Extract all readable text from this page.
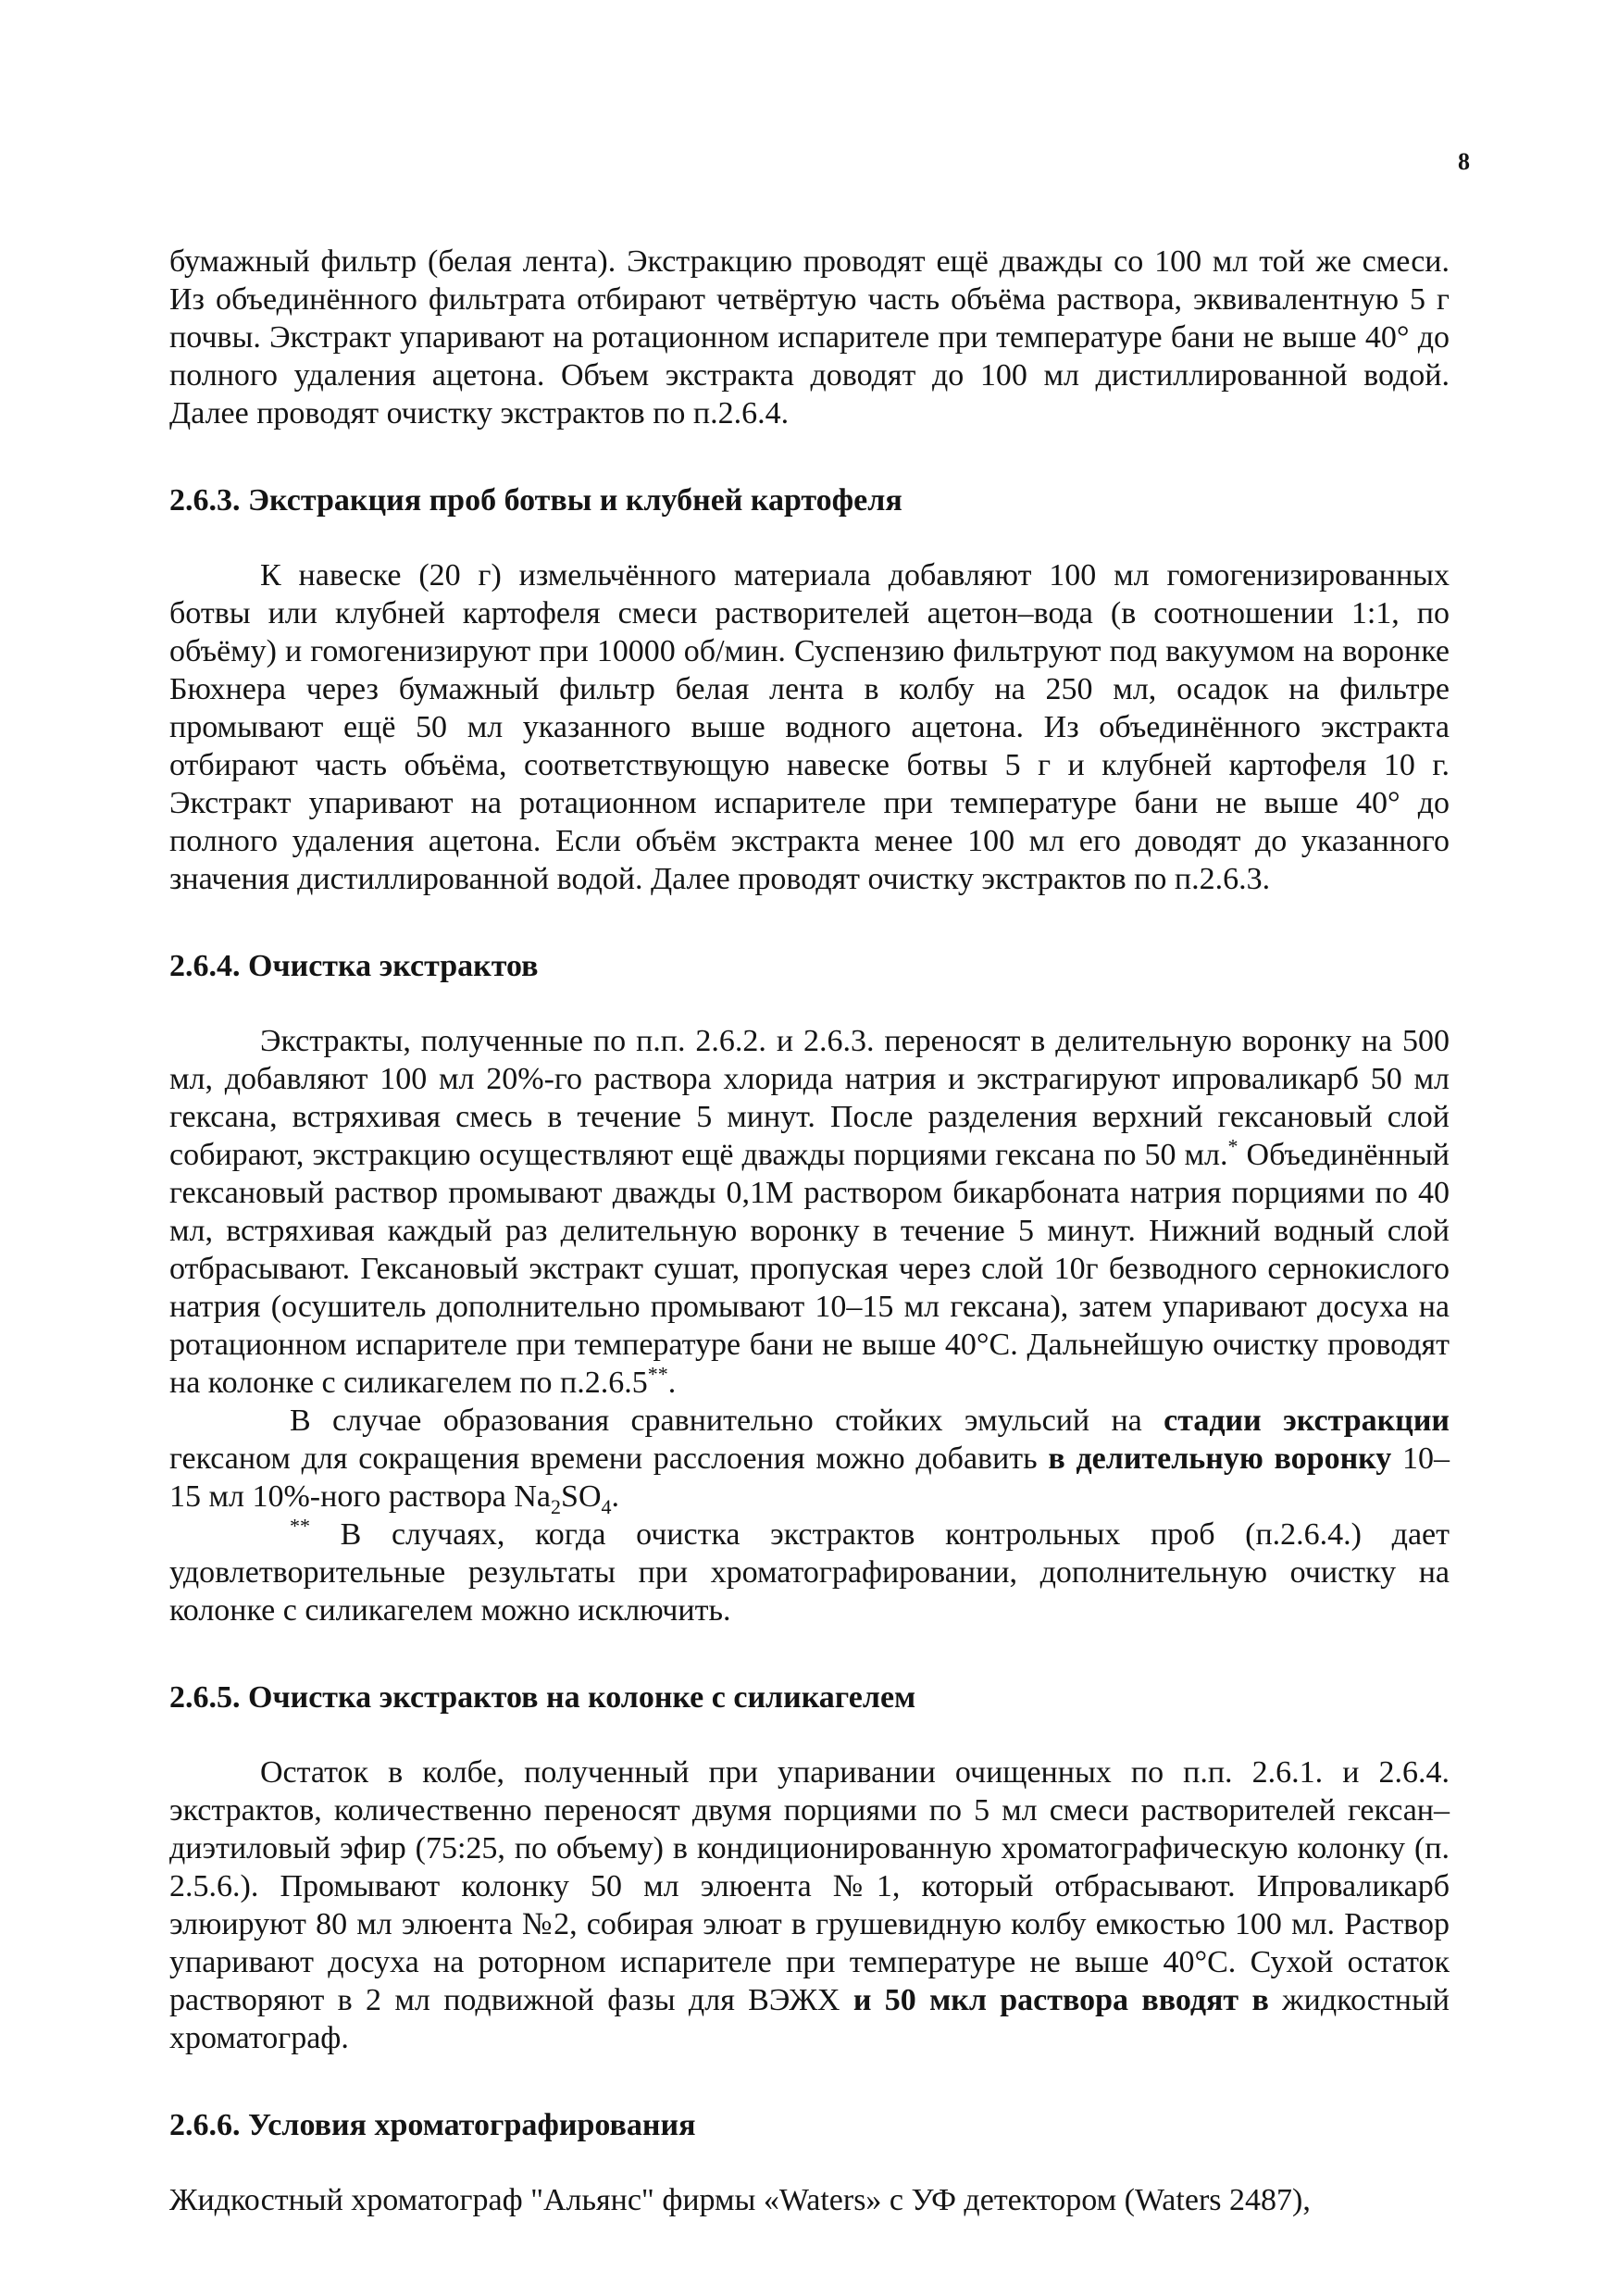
8

бумажный фильтр (белая лента). Экстракцию проводят ещё дважды со 100 мл той же смеси. Из объединённого фильтрата отбирают четвёртую часть объёма раствора, эквивалентную 5 г почвы. Экстракт упаривают на ротационном испарителе при температуре бани не выше 40° до полного удаления ацетона. Объем экстракта доводят до 100 мл дистиллированной водой. Далее проводят очистку экстрактов по п.2.6.4.

2.6.3. Экстракция проб ботвы и клубней картофеля

К навеске (20 г) измельчённого материала добавляют 100 мл гомогенизированных ботвы или клубней картофеля смеси растворителей ацетон–вода (в соотношении 1:1, по объёму) и гомогенизируют при 10000 об/мин. Суспензию фильтруют под вакуумом на воронке Бюхнера через бумажный фильтр белая лента в колбу на 250 мл, осадок на фильтре промывают ещё 50 мл указанного выше водного ацетона. Из объединённого экстракта отбирают часть объёма, соответствующую навеске ботвы 5 г и клубней картофеля 10 г. Экстракт упаривают на ротационном испарителе при температуре бани не выше 40° до полного удаления ацетона. Если объём экстракта менее 100 мл его доводят до указанного значения дистиллированной водой. Далее проводят очистку экстрактов по п.2.6.3.

2.6.4. Очистка экстрактов

Экстракты, полученные по п.п. 2.6.2. и 2.6.3. переносят в делительную воронку на 500 мл, добавляют 100 мл 20%-го раствора хлорида натрия и экстрагируют ипроваликарб 50 мл гексана, встряхивая смесь в течение 5 минут. После разделения верхний гексановый слой собирают, экстракцию осуществляют ещё дважды порциями гексана по 50 мл.* Объединённый гексановый раствор промывают дважды 0,1М раствором бикарбоната натрия порциями по 40 мл, встряхивая каждый раз делительную воронку в течение 5 минут. Нижний водный слой отбрасывают. Гексановый экстракт сушат, пропуская через слой 10г безводного сернокислого натрия (осушитель дополнительно промывают 10–15 мл гексана), затем упаривают досуха на ротационном испарителе при температуре бани не выше 40°С. Дальнейшую очистку проводят на колонке с силикагелем по п.2.6.5**.

В случае образования сравнительно стойких эмульсий на стадии экстракции гексаном для сокращения времени расслоения можно добавить в делительную воронку 10–15 мл 10%-ного раствора $Na_2SO_4$.

** В случаях, когда очистка экстрактов контрольных проб (п.2.6.4.) дает удовлетворительные результаты при хроматографировании, дополнительную очистку на колонке с силикагелем можно исключить.

2.6.5. Очистка экстрактов на колонке с силикагелем

Остаток в колбе, полученный при упаривании очищенных по п.п. 2.6.1. и 2.6.4. экстрактов, количественно переносят двумя порциями по 5 мл смеси растворителей гексан–диэтиловый эфир (75:25, по объему) в кондиционированную хроматографическую колонку (п. 2.5.6.). Промывают колонку 50 мл элюента №1, который отбрасывают. Ипроваликарб элюируют 80 мл элюента №2, собирая элюат в грушевидную колбу емкостью 100 мл. Раствор упаривают досуха на роторном испарителе при температуре не выше 40°С. Сухой остаток растворяют в 2 мл подвижной фазы для ВЭЖХ и 50 мкл раствора вводят в жидкостный хроматограф.

2.6.6. Условия хроматографирования

Жидкостный хроматограф "Альянс" фирмы «Waters» с УФ детектором (Waters 2487),
